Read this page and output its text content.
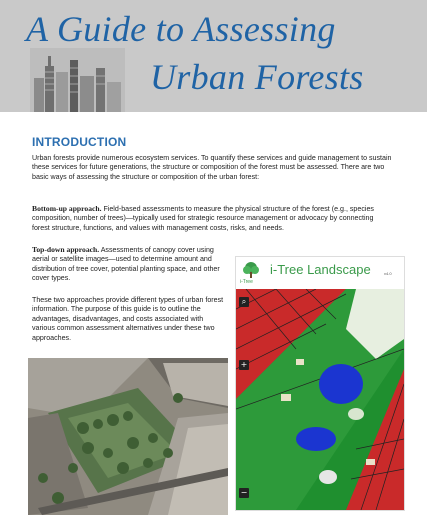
A Guide to Assessing
Urban Forests
INTRODUCTION
Urban forests provide numerous ecosystem services. To quantify these services and guide management to sustain these services for future generations, the structure or composition of the forest must be assessed. There are two basic ways of assessing the structure or composition of the urban forest:
Bottom-up approach. Field-based assessments to measure the physical structure of the forest (e.g., species composition, number of trees)—typically used for strategic resource management or advocacy by connecting forest structure, functions, and values with management costs, risks, and needs.
Top-down approach. Assessments of canopy cover using aerial or satellite images—used to determine amount and distribution of tree cover, potential planting space, and other cover types.
These two approaches provide different types of urban forest information. The purpose of this guide is to outline the advantages, disadvantages, and costs associated with various common assessment alternatives under these two approaches.
i-Tree Landscape
i-Tree
v4.0
⌕
+
−
